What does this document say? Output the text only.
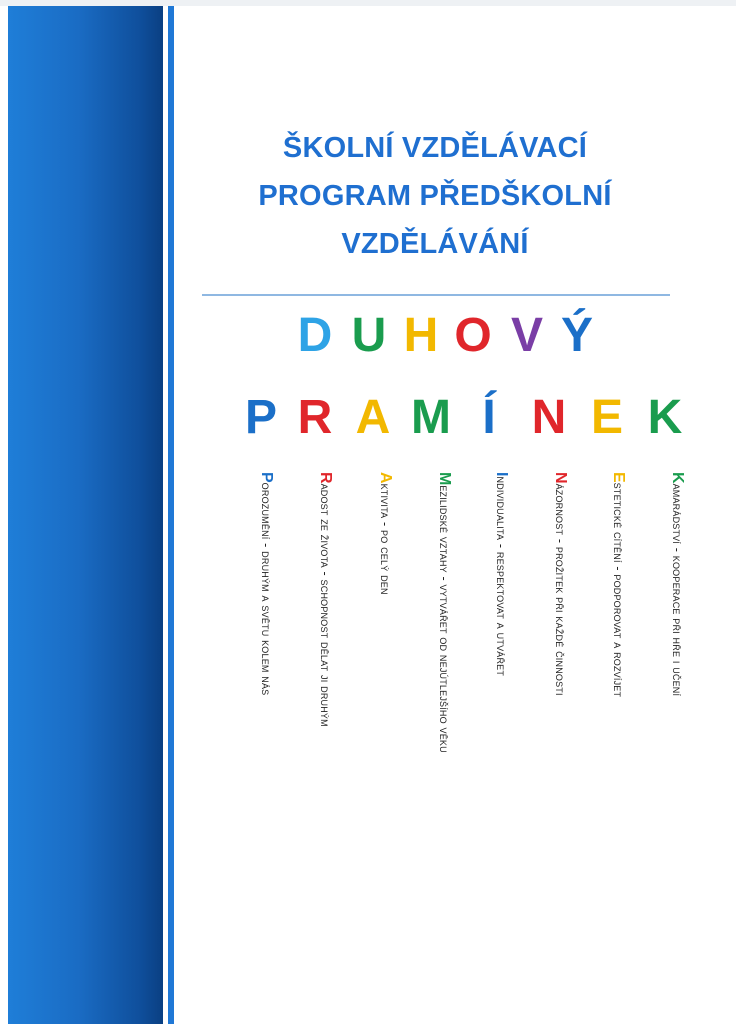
ŠKOLNÍ VZDĚLÁVACÍ
PROGRAM PŘEDŠKOLNÍ
VZDĚLÁVÁNÍ
D U H O V Ý
P R A M Í N E K
Porozumění - druhým a světu kolem nás
Radost ze života - schopnost dělat ji druhým
Aktivita - po celý den
Mezilidské vztahy - vytvářet od nejútlejšího věku
Individualita - respektovat a utvářet	Názornost - prožitek při každé činnosti
Estetické cítění - podporovat a rozvíjet
Kamarádství - kooperace při hře i učení
